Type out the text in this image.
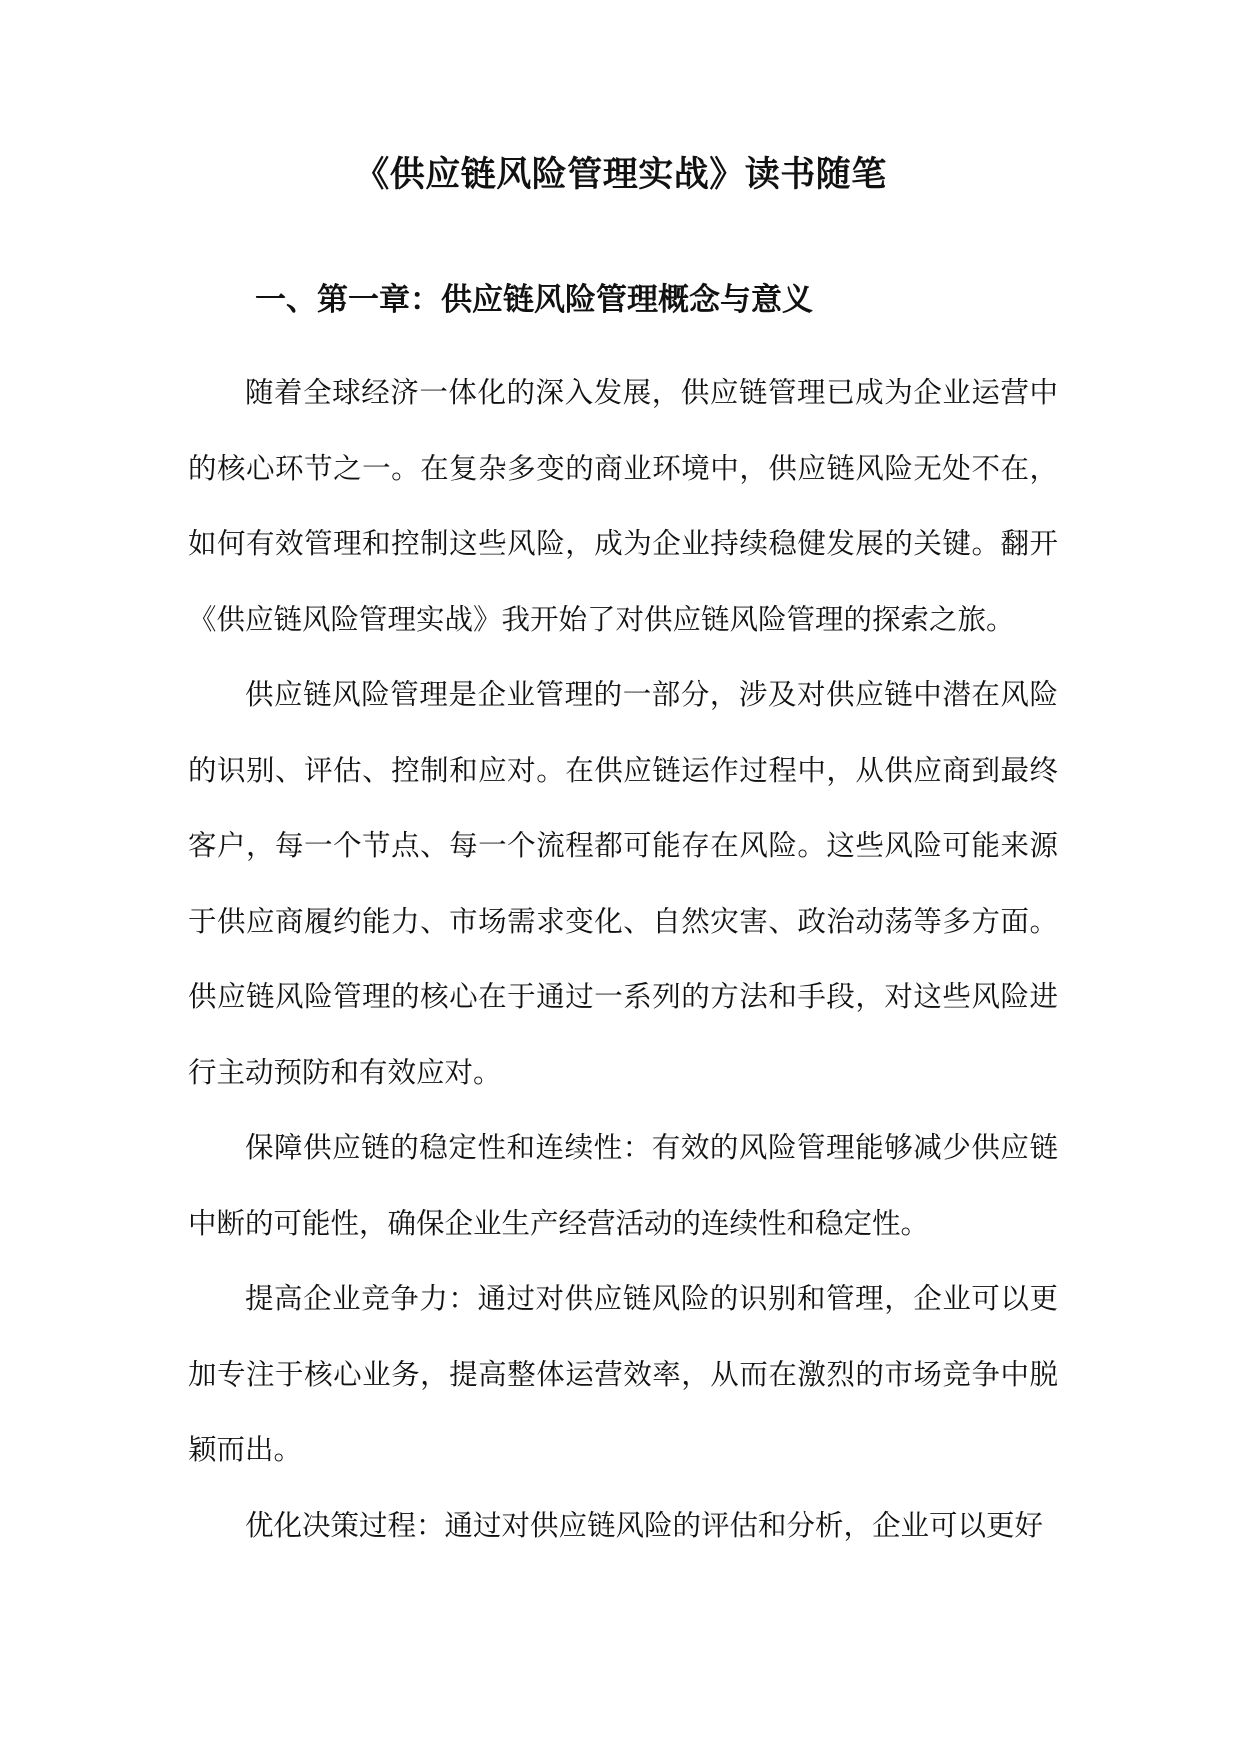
《供应链风险管理实战》读书随笔
一、第一章：供应链风险管理概念与意义

随着全球经济一体化的深入发展，供应链管理已成为企业运营中的核心环节之一。在复杂多变的商业环境中，供应链风险无处不在，如何有效管理和控制这些风险，成为企业持续稳健发展的关键。翻开《供应链风险管理实战》我开始了对供应链风险管理的探索之旅。

供应链风险管理是企业管理的一部分，涉及对供应链中潜在风险的识别、评估、控制和应对。在供应链运作过程中，从供应商到最终客户，每一个节点、每一个流程都可能存在风险。这些风险可能来源于供应商履约能力、市场需求变化、自然灾害、政治动荡等多方面。供应链风险管理的核心在于通过一系列的方法和手段，对这些风险进行主动预防和有效应对。

保障供应链的稳定性和连续性：有效的风险管理能够减少供应链中断的可能性，确保企业生产经营活动的连续性和稳定性。

提高企业竞争力：通过对供应链风险的识别和管理，企业可以更加专注于核心业务，提高整体运营效率，从而在激烈的市场竞争中脱颖而出。

优化决策过程：通过对供应链风险的评估和分析，企业可以更好
